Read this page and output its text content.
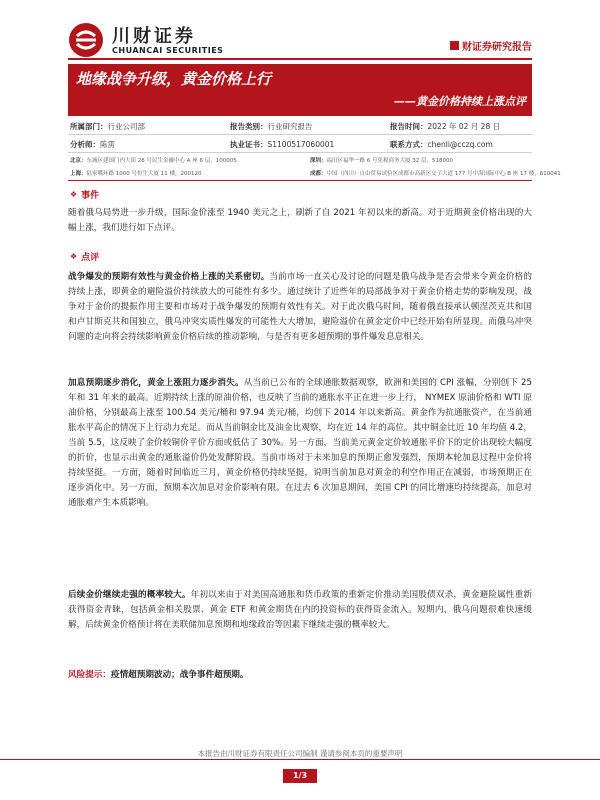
川财证券
CHUANCAI SECURITIES	财证券研究报告
地缘战争升级，黄金价格上行
——黄金价格持续上涨点评
所属部门：行业公司部	报告类别：行业研究报告	报告时间：2022 年 02 月 28 日
分析师：陈雳	执业证书：S1100517060001	联系方式：chenli@cczq.com
北京：东城区建国门内大街 28 号民生金融中心 A 座 6 层，100005	深圳：福田区福华一路 6 号免税商务大厦 32 层，518000
上海：陆家嘴环路 1000 号恒生大厦 11 楼，200120	成都：中国（四川）自由贸易试验区成都市高新区交子大道 177 号中海国际中心 B 座 17 楼，610041
❖ 事件
随着俄乌局势进一步升级，国际金价涨至 1940 美元之上，刷新了自 2021 年初以来的新高。对于近期黄金价格出现的大幅上涨，我们进行如下点评。
❖ 点评
战争爆发的预期有效性与黄金价格上涨的关系密切。当前市场一直关心及讨论的问题是俄乌战争是否会带来令黄金价格的持续上涨，即黄金的避险溢价持续放大的可能性有多少。通过统计了近些年的局部战争对于黄金价格走势的影响发现，战争对于金价的提振作用主要和市场对于战争爆发的预期有效性有关。对于此次俄乌时间，随着俄直接承认顿涅茨克共和国和卢甘斯克共和国独立，俄乌冲突实质性爆发的可能性大大增加，避险溢价在黄金定价中已经开始有所显现。而俄乌冲突问题的走向将会持续影响黄金价格后续的推动影响，与是否有更多超预期的事件爆发息息相关。
加息预期逐步消化，黄金上涨阻力逐步消失。从当前已公布的全球通胀数据观察，欧洲和美国的 CPI 涨幅，分别创下 25 年和 31 年来的最高。近期持续上涨的原油价格，也反映了当前的通胀水平正在进一步上行， NYMEX 原油价格和 WTI 原油价格，分别最高上涨至 100.54 美元/桶和 97.94 美元/桶，均创下 2014 年以来新高。黄金作为抗通胀资产，在当前通胀水平高企的情况下上行动力充足。而从当前铜金比及油金比观察，均在近 14 年的高位。其中铜金比近 10 年均值 4.2，当前 5.5，这反映了金价较铜价平价方面或低估了 30%。另一方面，当前美元黄金定价较通胀平价下的定价出现较大幅度的折价，也显示出黄金的通胀溢价仍处发酵阶段。当前市场对于未来加息的预期正愈发强烈，预期本轮加息过程中金价将持续坚挺。一方面，随着时间临近三月，黄金价格仍持续坚挺，说明当前加息对黄金的利空作用正在减弱，市场预期正在逐步消化中。另一方面，预期本次加息对金价影响有限。在过去 6 次加息期间，美国 CPI 的同比增速均持续提高，加息对通胀难产生本质影响。
后续金价继续走强的概率较大。年初以来由于对美国高通胀和货币政策的重新定价推动美国股债双杀，黄金避险属性重新获得资金青睐，包括黄金相关股票、黄金 ETF 和黄金期货在内的投资标的获得资金流入。短期内，俄乌问题很难快速缓解，后续黄金价格预计将在美联储加息预期和地缘政治等因素下继续走强的概率较大。
风险提示：疫情超预期波动；战争事件超预期。
本报告由川财证券有限责任公司编制 谨请参阅本页的重要声明
1/3
